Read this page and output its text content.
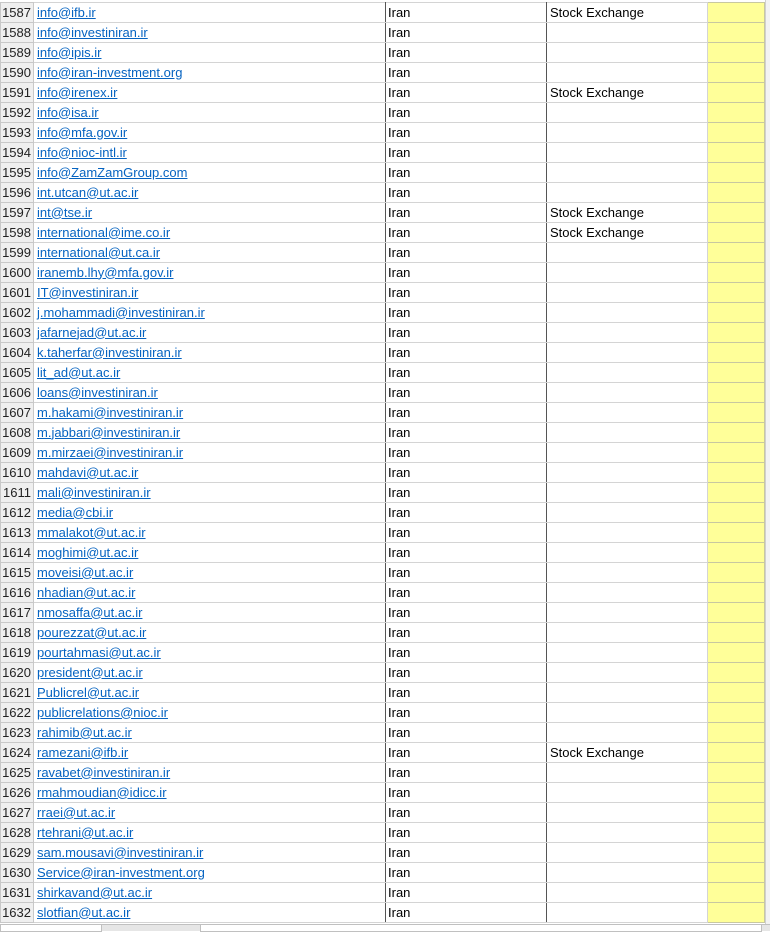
1587	info@ifb.ir	Iran	Stock Exchange		
1588	info@investiniran.ir	Iran			
1589	info@ipis.ir	Iran			
1590	info@iran-investment.org	Iran			
1591	info@irenex.ir	Iran	Stock Exchange		
1592	info@isa.ir	Iran			
1593	info@mfa.gov.ir	Iran			
1594	info@nioc-intl.ir	Iran			
1595	info@ZamZamGroup.com	Iran			
1596	int.utcan@ut.ac.ir	Iran			
1597	int@tse.ir	Iran	Stock Exchange		
1598	international@ime.co.ir	Iran	Stock Exchange		
1599	international@ut.ca.ir	Iran			
1600	iranemb.lhy@mfa.gov.ir	Iran			
1601	IT@investiniran.ir	Iran			
1602	j.mohammadi@investiniran.ir	Iran			
1603	jafarnejad@ut.ac.ir	Iran			
1604	k.taherfar@investiniran.ir	Iran			
1605	lit_ad@ut.ac.ir	Iran			
1606	loans@investiniran.ir	Iran			
1607	m.hakami@investiniran.ir	Iran			
1608	m.jabbari@investiniran.ir	Iran			
1609	m.mirzaei@investiniran.ir	Iran			
1610	mahdavi@ut.ac.ir	Iran			
1611	mali@investiniran.ir	Iran			
1612	media@cbi.ir	Iran			
1613	mmalakot@ut.ac.ir	Iran			
1614	moghimi@ut.ac.ir	Iran			
1615	moveisi@ut.ac.ir	Iran			
1616	nhadian@ut.ac.ir	Iran			
1617	nmosaffa@ut.ac.ir	Iran			
1618	pourezzat@ut.ac.ir	Iran			
1619	pourtahmasi@ut.ac.ir	Iran			
1620	president@ut.ac.ir	Iran			
1621	Publicrel@ut.ac.ir	Iran			
1622	publicrelations@nioc.ir	Iran			
1623	rahimib@ut.ac.ir	Iran			
1624	ramezani@ifb.ir	Iran	Stock Exchange		
1625	ravabet@investiniran.ir	Iran			
1626	rmahmoudian@idicc.ir	Iran			
1627	rraei@ut.ac.ir	Iran			
1628	rtehrani@ut.ac.ir	Iran			
1629	sam.mousavi@investiniran.ir	Iran			
1630	Service@iran-investment.org	Iran			
1631	shirkavand@ut.ac.ir	Iran			
1632	slotfian@ut.ac.ir	Iran			
